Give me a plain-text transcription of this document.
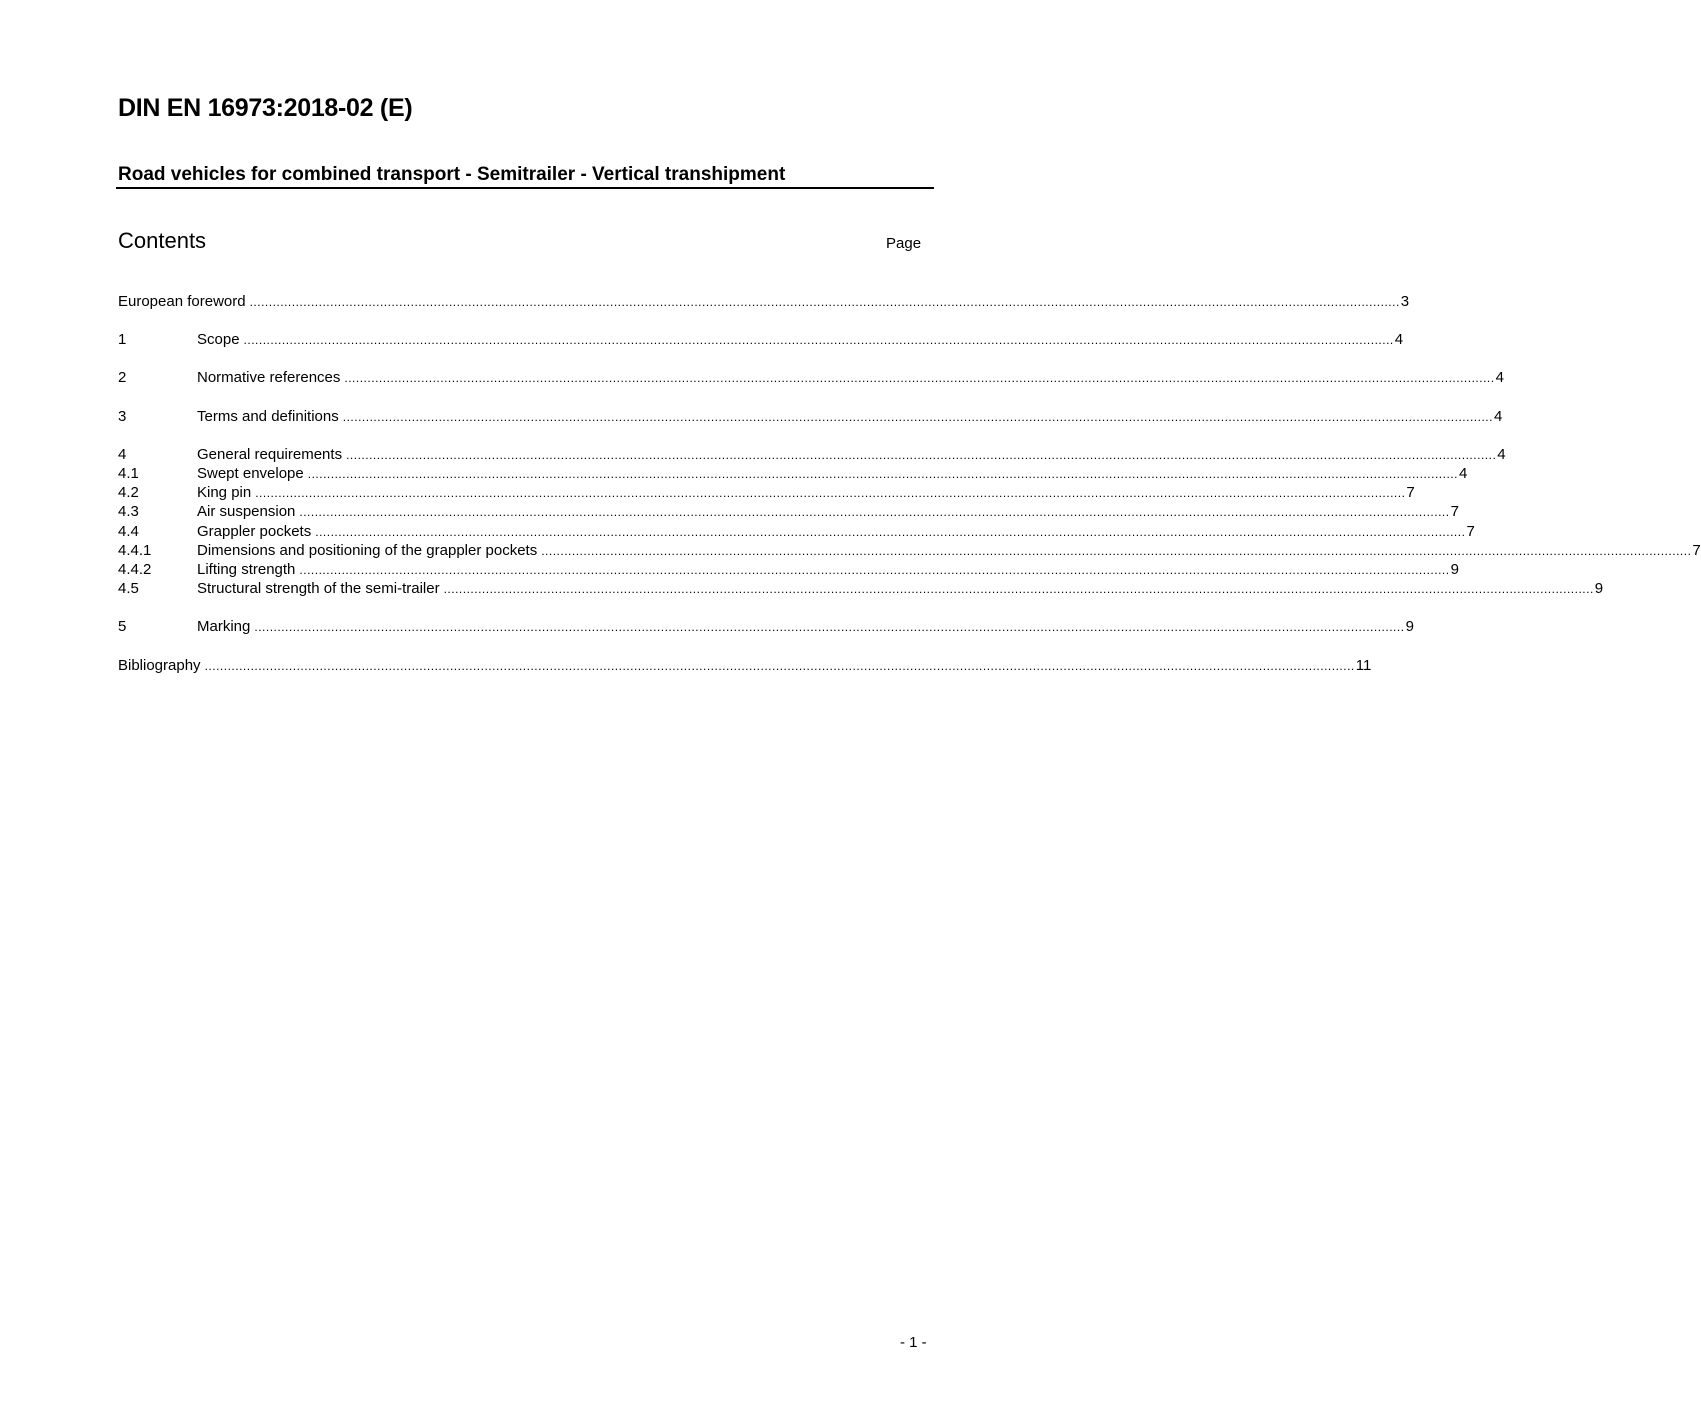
DIN EN 16973:2018-02 (E)
Road vehicles for combined transport - Semitrailer - Vertical transhipment
Contents	Page
European foreword ............................................................................................................................................................................................................................................................................................................ 3
1	Scope ............................................................................................................................................................................................................................................................................................................ 4
2	Normative references ............................................................................................................................................................................................................................................................................................................ 4
3	Terms and definitions ............................................................................................................................................................................................................................................................................................................ 4
4	General requirements ............................................................................................................................................................................................................................................................................................................ 4
4.1	Swept envelope ............................................................................................................................................................................................................................................................................................................ 4
4.2	King pin ............................................................................................................................................................................................................................................................................................................ 7
4.3	Air suspension ............................................................................................................................................................................................................................................................................................................ 7
4.4	Grappler pockets ............................................................................................................................................................................................................................................................................................................ 7
4.4.1	Dimensions and positioning of the grappler pockets ............................................................................................................................................................................................................................................................................................................ 7
4.4.2	Lifting strength ............................................................................................................................................................................................................................................................................................................ 9
4.5	Structural strength of the semi-trailer ............................................................................................................................................................................................................................................................................................................ 9
5	Marking ............................................................................................................................................................................................................................................................................................................ 9
Bibliography ............................................................................................................................................................................................................................................................................................................ 11
- 1 -
